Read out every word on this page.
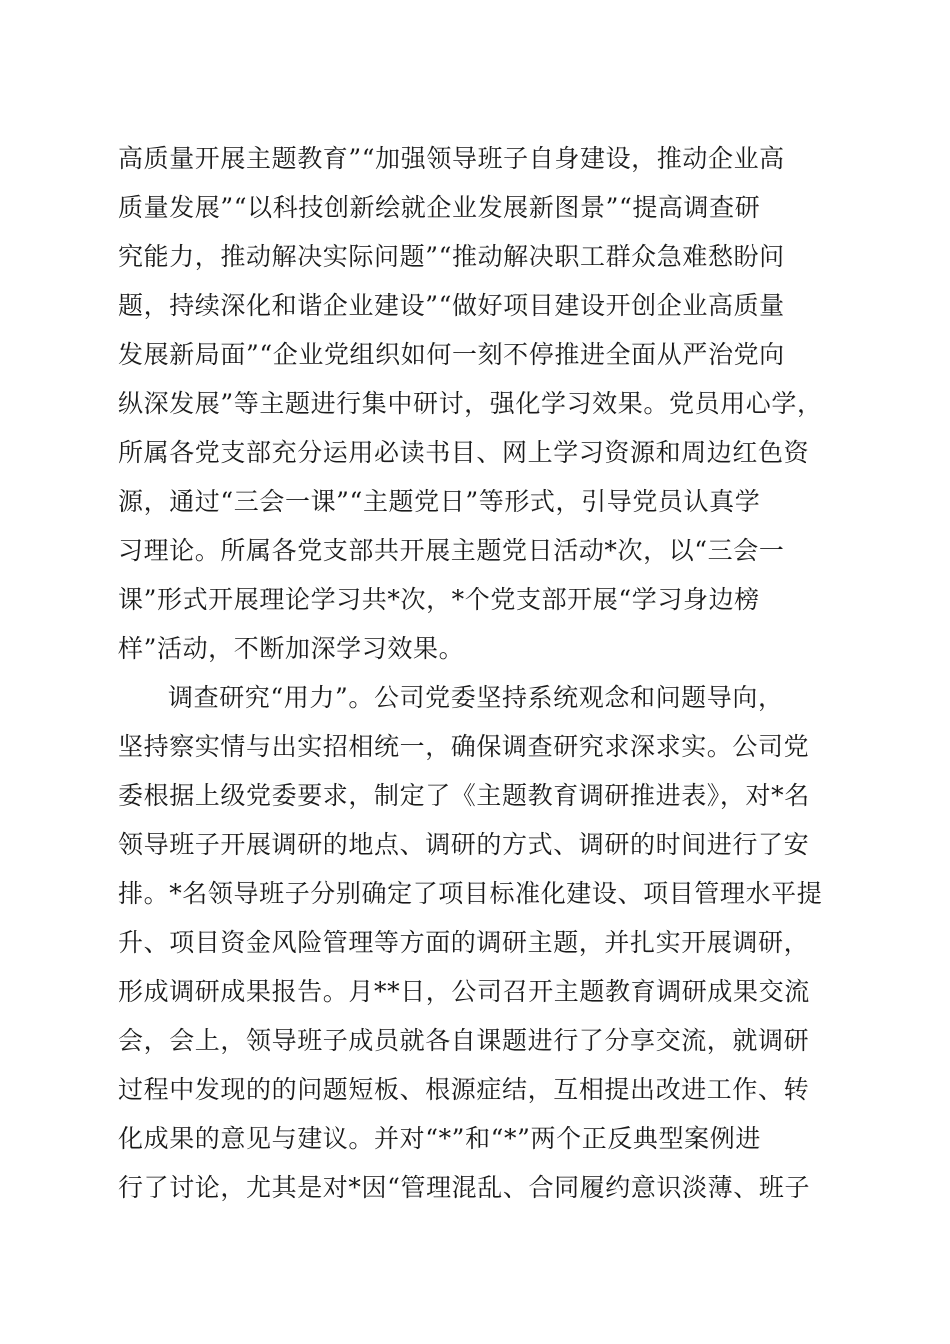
高质量开展主题教育”“加强领导班子自身建设，推动企业高
质量发展”“以科技创新绘就企业发展新图景”“提高调查研
究能力，推动解决实际问题”“推动解决职工群众急难愁盼问
题，持续深化和谐企业建设”“做好项目建设开创企业高质量
发展新局面”“企业党组织如何一刻不停推进全面从严治党向
纵深发展”等主题进行集中研讨，强化学习效果。党员用心学，
所属各党支部充分运用必读书目、网上学习资源和周边红色资
源，通过“三会一课”“主题党日”等形式，引导党员认真学
习理论。所属各党支部共开展主题党日活动*次，以“三会一
课”形式开展理论学习共*次，*个党支部开展“学习身边榜
样”活动，不断加深学习效果。
调查研究“用力”。公司党委坚持系统观念和问题导向，
坚持察实情与出实招相统一，确保调查研究求深求实。公司党
委根据上级党委要求，制定了《主题教育调研推进表》，对*名
领导班子开展调研的地点、调研的方式、调研的时间进行了安
排。*名领导班子分别确定了项目标准化建设、项目管理水平提
升、项目资金风险管理等方面的调研主题，并扎实开展调研，
形成调研成果报告。月**日，公司召开主题教育调研成果交流
会，会上，领导班子成员就各自课题进行了分享交流，就调研
过程中发现的的问题短板、根源症结，互相提出改进工作、转
化成果的意见与建议。并对“*”和“*”两个正反典型案例进
行了讨论，尤其是对*因“管理混乱、合同履约意识淡薄、班子
